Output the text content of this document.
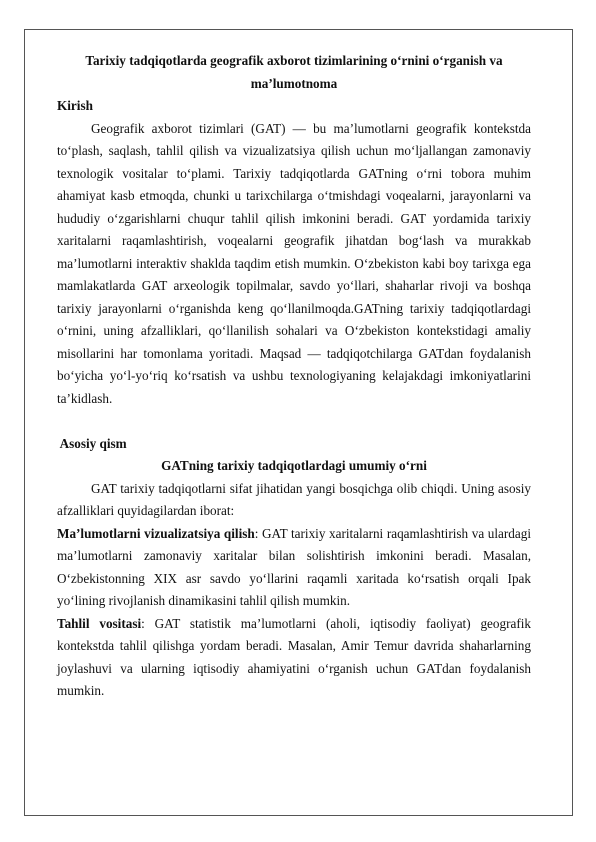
Tarixiy tadqiqotlarda geografik axborot tizimlarining o‘rnini o‘rganish va ma’lumotnoma

Kirish

Geografik axborot tizimlari (GAT) — bu ma’lumotlarni geografik kontekstda to‘plash, saqlash, tahlil qilish va vizualizatsiya qilish uchun mo‘ljallangan zamonaviy texnologik vositalar to‘plami. Tarixiy tadqiqotlarda GATning o‘rni tobora muhim ahamiyat kasb etmoqda, chunki u tarixchilarga o‘tmishdagi voqealarni, jarayonlarni va hududiy o‘zgarishlarni chuqur tahlil qilish imkonini beradi. GAT yordamida tarixiy xaritalarni raqamlashtirish, voqealarni geografik jihatdan bog‘lash va murakkab ma’lumotlarni interaktiv shaklda taqdim etish mumkin. O‘zbekiston kabi boy tarixga ega mamlakatlarda GAT arxeologik topilmalar, savdo yo‘llari, shaharlar rivoji va boshqa tarixiy jarayonlarni o‘rganishda keng qo‘llanilmoqda.GATning tarixiy tadqiqotlardagi o‘rnini, uning afzalliklari, qo‘llanilish sohalari va O‘zbekiston kontekstidagi amaliy misollarini har tomonlama yoritadi. Maqsad — tadqiqotchilarga GATdan foydalanish bo‘yicha yo‘l-yo‘riq ko‘rsatish va ushbu texnologiyaning kelajakdagi imkoniyatlarini ta’kidlash.

Asosiy qism

GATning tarixiy tadqiqotlardagi umumiy o‘rni

GAT tarixiy tadqiqotlarni sifat jihatidan yangi bosqichga olib chiqdi. Uning asosiy afzalliklari quyidagilardan iborat:

Ma’lumotlarni vizualizatsiya qilish: GAT tarixiy xaritalarni raqamlashtirish va ulardagi ma’lumotlarni zamonaviy xaritalar bilan solishtirish imkonini beradi. Masalan, O‘zbekistonning XIX asr savdo yo‘llarini raqamli xaritada ko‘rsatish orqali Ipak yo‘lining rivojlanish dinamikasini tahlil qilish mumkin.

Tahlil vositasi: GAT statistik ma’lumotlarni (aholi, iqtisodiy faoliyat) geografik kontekstda tahlil qilishga yordam beradi. Masalan, Amir Temur davrida shaharlarning joylashuvi va ularning iqtisodiy ahamiyatini o‘rganish uchun GATdan foydalanish mumkin.
